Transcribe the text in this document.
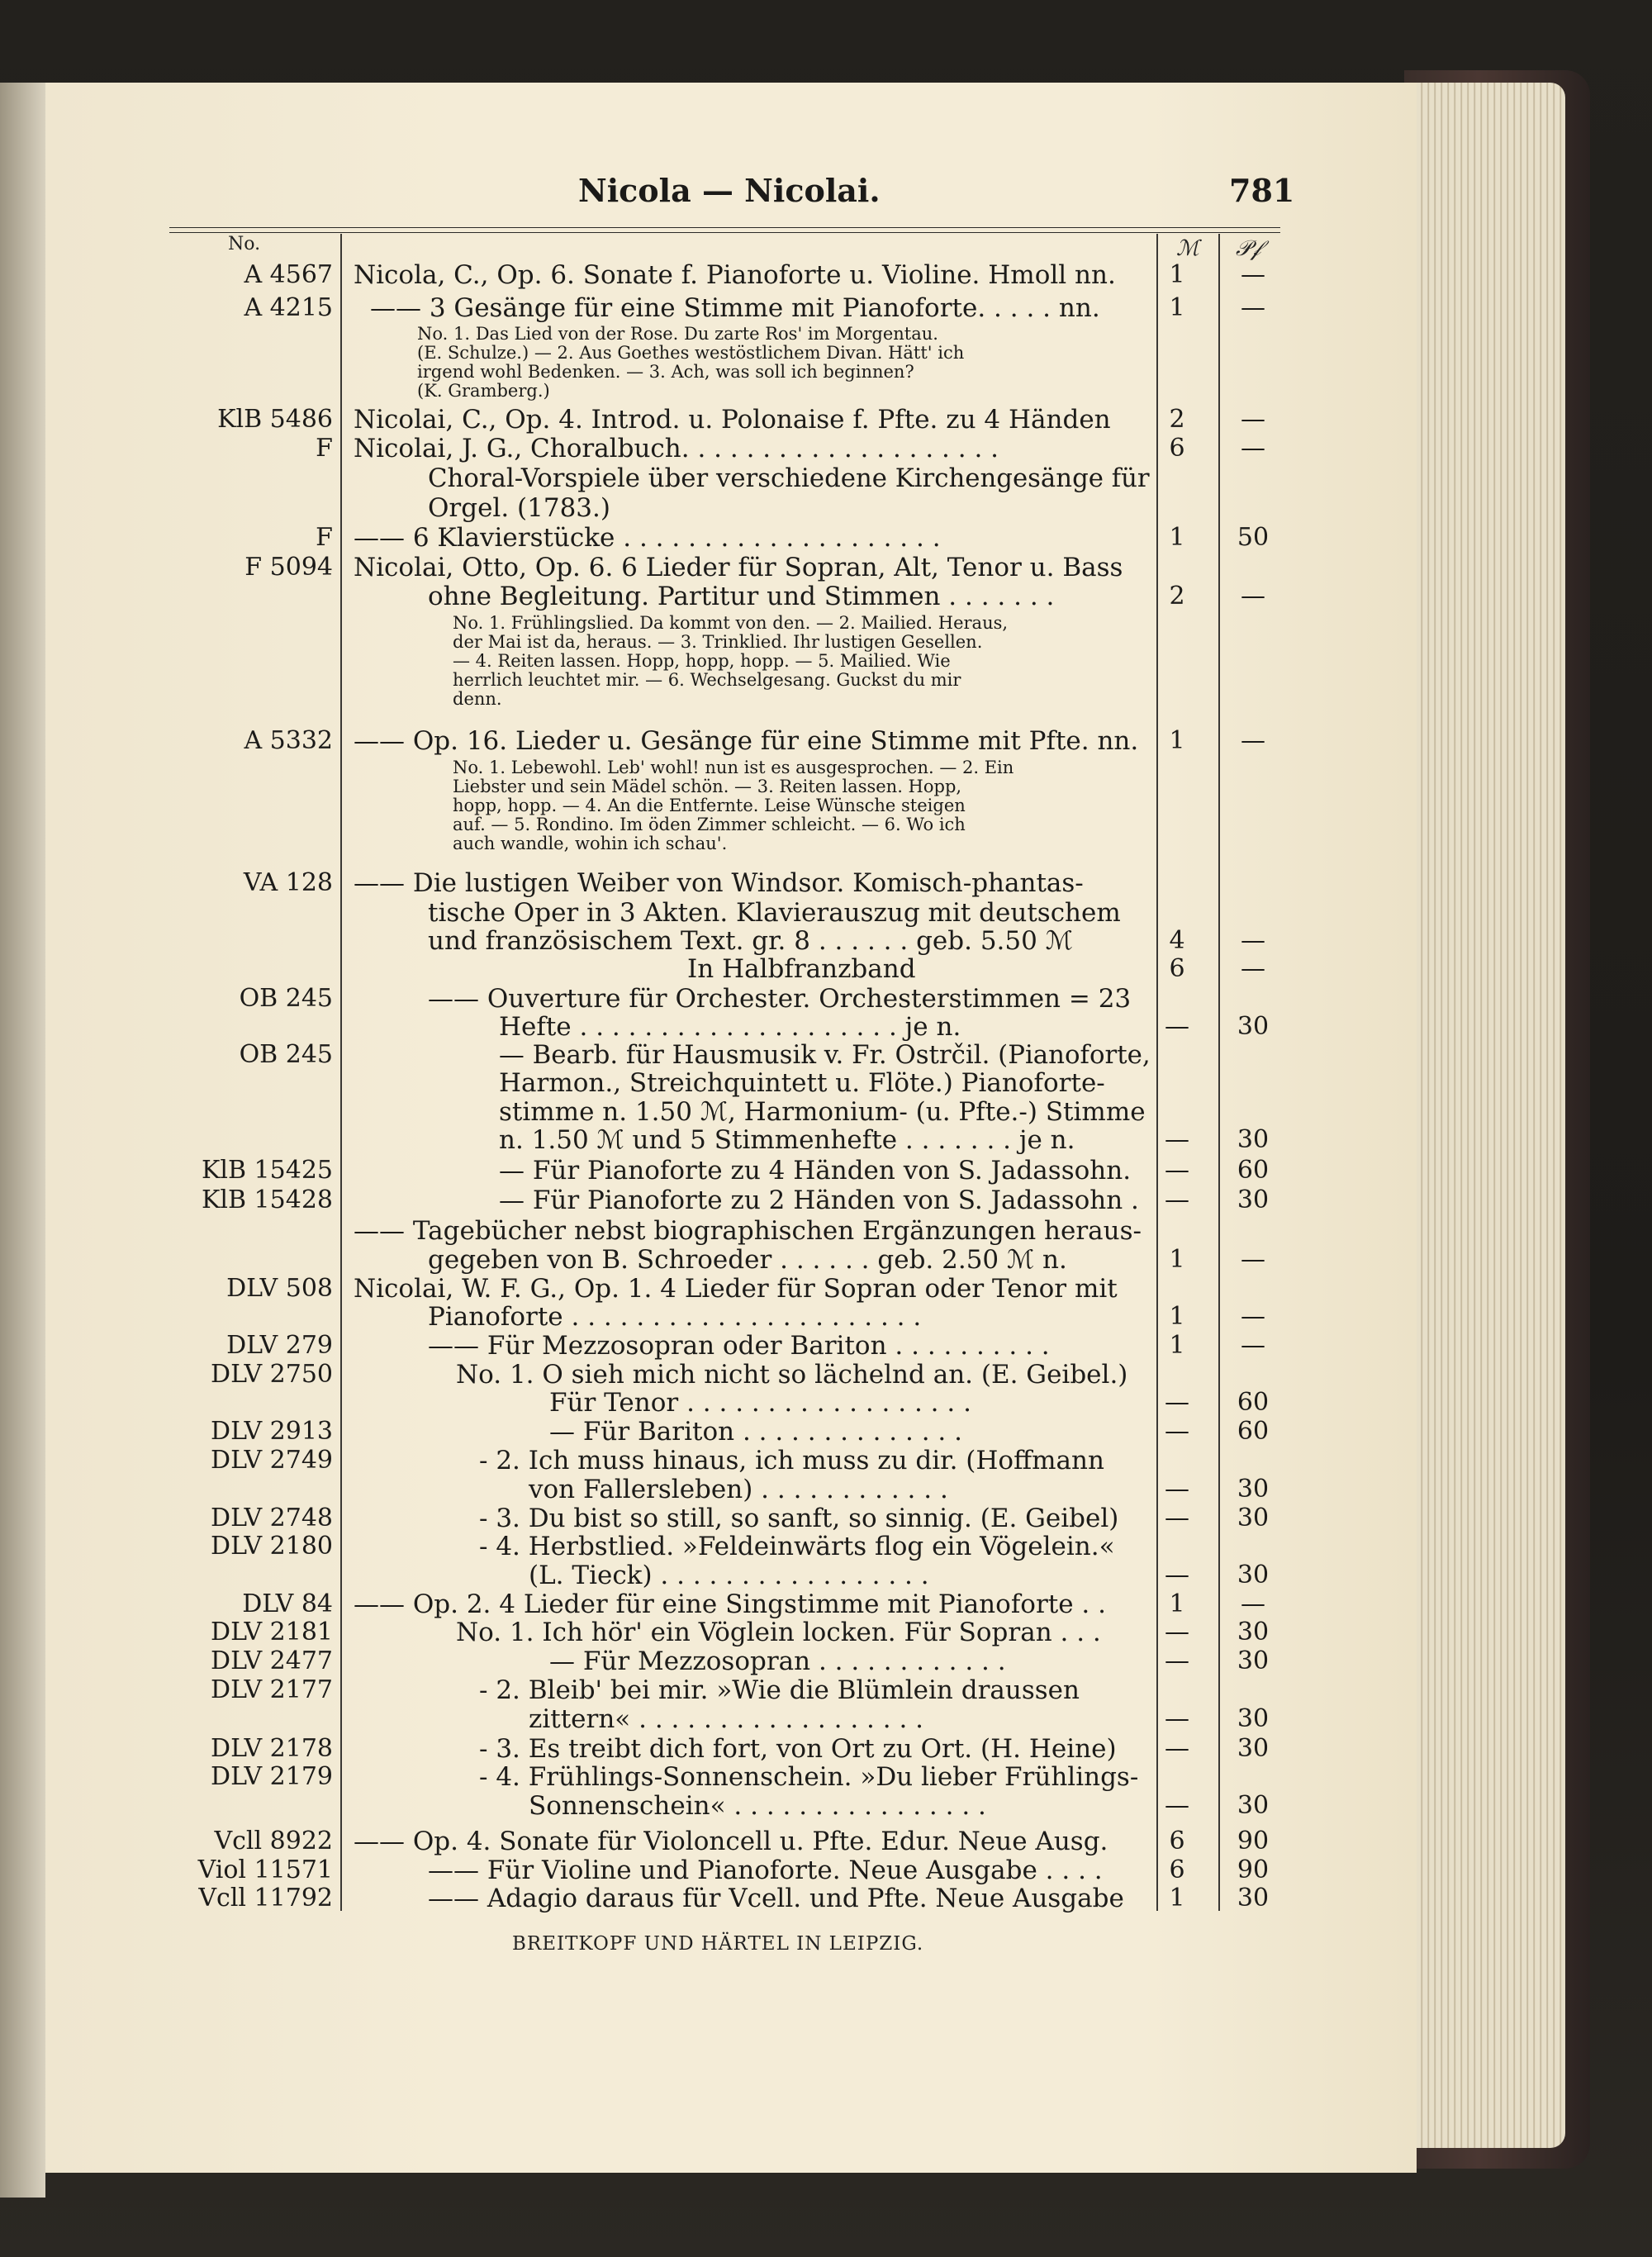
Nicola — Nicolai.	781
No.	ℳ 𝒫𝒻
A 4567 Nicola, C., Op. 6. Sonate f. Pianoforte u. Violine. Hmoll nn.	1	—
A 4215 —— 3 Gesänge für eine Stimme mit Pianoforte. . . . . nn.	1	—
No. 1. Das Lied von der Rose. Du zarte Ros' im Morgentau.
(E. Schulze.) — 2. Aus Goethes westöstlichem Divan. Hätt' ich
irgend wohl Bedenken. — 3. Ach, was soll ich beginnen?
(K. Gramberg.)
KlB 5486 Nicolai, C., Op. 4. Introd. u. Polonaise f. Pfte. zu 4 Händen	2	—
F Nicolai, J. G., Choralbuch. . . . . . . . . . . . . . . . . . . .	6	—
Choral-Vorspiele über verschiedene Kirchengesänge für
Orgel. (1783.)
F —— 6 Klavierstücke . . . . . . . . . . . . . . . . . . . .	1	50
F 5094 Nicolai, Otto, Op. 6. 6 Lieder für Sopran, Alt, Tenor u. Bass
ohne Begleitung. Partitur und Stimmen . . . . . . .	2	—
No. 1. Frühlingslied. Da kommt von den. — 2. Mailied. Heraus,
der Mai ist da, heraus. — 3. Trinklied. Ihr lustigen Gesellen.
— 4. Reiten lassen. Hopp, hopp, hopp. — 5. Mailied. Wie
herrlich leuchtet mir. — 6. Wechselgesang. Guckst du mir
denn.
A 5332 —— Op. 16. Lieder u. Gesänge für eine Stimme mit Pfte. nn.	1	—
No. 1. Lebewohl. Leb' wohl! nun ist es ausgesprochen. — 2. Ein
Liebster und sein Mädel schön. — 3. Reiten lassen. Hopp,
hopp, hopp. — 4. An die Entfernte. Leise Wünsche steigen
auf. — 5. Rondino. Im öden Zimmer schleicht. — 6. Wo ich
auch wandle, wohin ich schau'.
VA 128 —— Die lustigen Weiber von Windsor. Komisch-phantas-
tische Oper in 3 Akten. Klavierauszug mit deutschem
und französischem Text. gr. 8 . . . . . . geb. 5.50 ℳ	4	—
In Halbfranzband	6	—
OB 245	—— Ouverture für Orchester. Orchesterstimmen = 23
Hefte . . . . . . . . . . . . . . . . . . . . je n.	—	30
OB 245	— Bearb. für Hausmusik v. Fr. Ostrčil. (Pianoforte,
Harmon., Streichquintett u. Flöte.) Pianoforte-
stimme n. 1.50 ℳ, Harmonium- (u. Pfte.-) Stimme
n. 1.50 ℳ und 5 Stimmenhefte . . . . . . . je n.	—	30
KlB 15425	— Für Pianoforte zu 4 Händen von S. Jadassohn.	—	60
KlB 15428	— Für Pianoforte zu 2 Händen von S. Jadassohn .	—	30
—— Tagebücher nebst biographischen Ergänzungen heraus-
gegeben von B. Schroeder . . . . . . geb. 2.50 ℳ n.	1	—
DLV 508 Nicolai, W. F. G., Op. 1. 4 Lieder für Sopran oder Tenor mit
Pianoforte . . . . . . . . . . . . . . . . . . . . . .	1	—
DLV 279	—— Für Mezzosopran oder Bariton . . . . . . . . . .	1	—
DLV 2750	No. 1. O sieh mich nicht so lächelnd an. (E. Geibel.)
Für Tenor . . . . . . . . . . . . . . . . . .	—	60
DLV 2913	— Für Bariton . . . . . . . . . . . . . .	—	60
DLV 2749	- 2. Ich muss hinaus, ich muss zu dir. (Hoffmann
von Fallersleben) . . . . . . . . . . . .	—	30
DLV 2748	- 3. Du bist so still, so sanft, so sinnig. (E. Geibel)	—	30
DLV 2180	- 4. Herbstlied. »Feldeinwärts flog ein Vögelein.«
(L. Tieck) . . . . . . . . . . . . . . . . .	—	30
DLV 84 —— Op. 2. 4 Lieder für eine Singstimme mit Pianoforte . .	1	—
DLV 2181	No. 1. Ich hör' ein Vöglein locken. Für Sopran . . .	—	30
DLV 2477	— Für Mezzosopran . . . . . . . . . . . .	—	30
DLV 2177	- 2. Bleib' bei mir. »Wie die Blümlein draussen
zittern« . . . . . . . . . . . . . . . . . .	—	30
DLV 2178	- 3. Es treibt dich fort, von Ort zu Ort. (H. Heine)	—	30
DLV 2179	- 4. Frühlings-Sonnenschein. »Du lieber Frühlings-
Sonnenschein« . . . . . . . . . . . . . . . .	—	30
Vcll 8922 —— Op. 4. Sonate für Violoncell u. Pfte. Edur. Neue Ausg.	6	90
Viol 11571	—— Für Violine und Pianoforte. Neue Ausgabe . . . .	6	90
Vcll 11792	—— Adagio daraus für Vcell. und Pfte. Neue Ausgabe	1	30
BREITKOPF UND HÄRTEL IN LEIPZIG.
